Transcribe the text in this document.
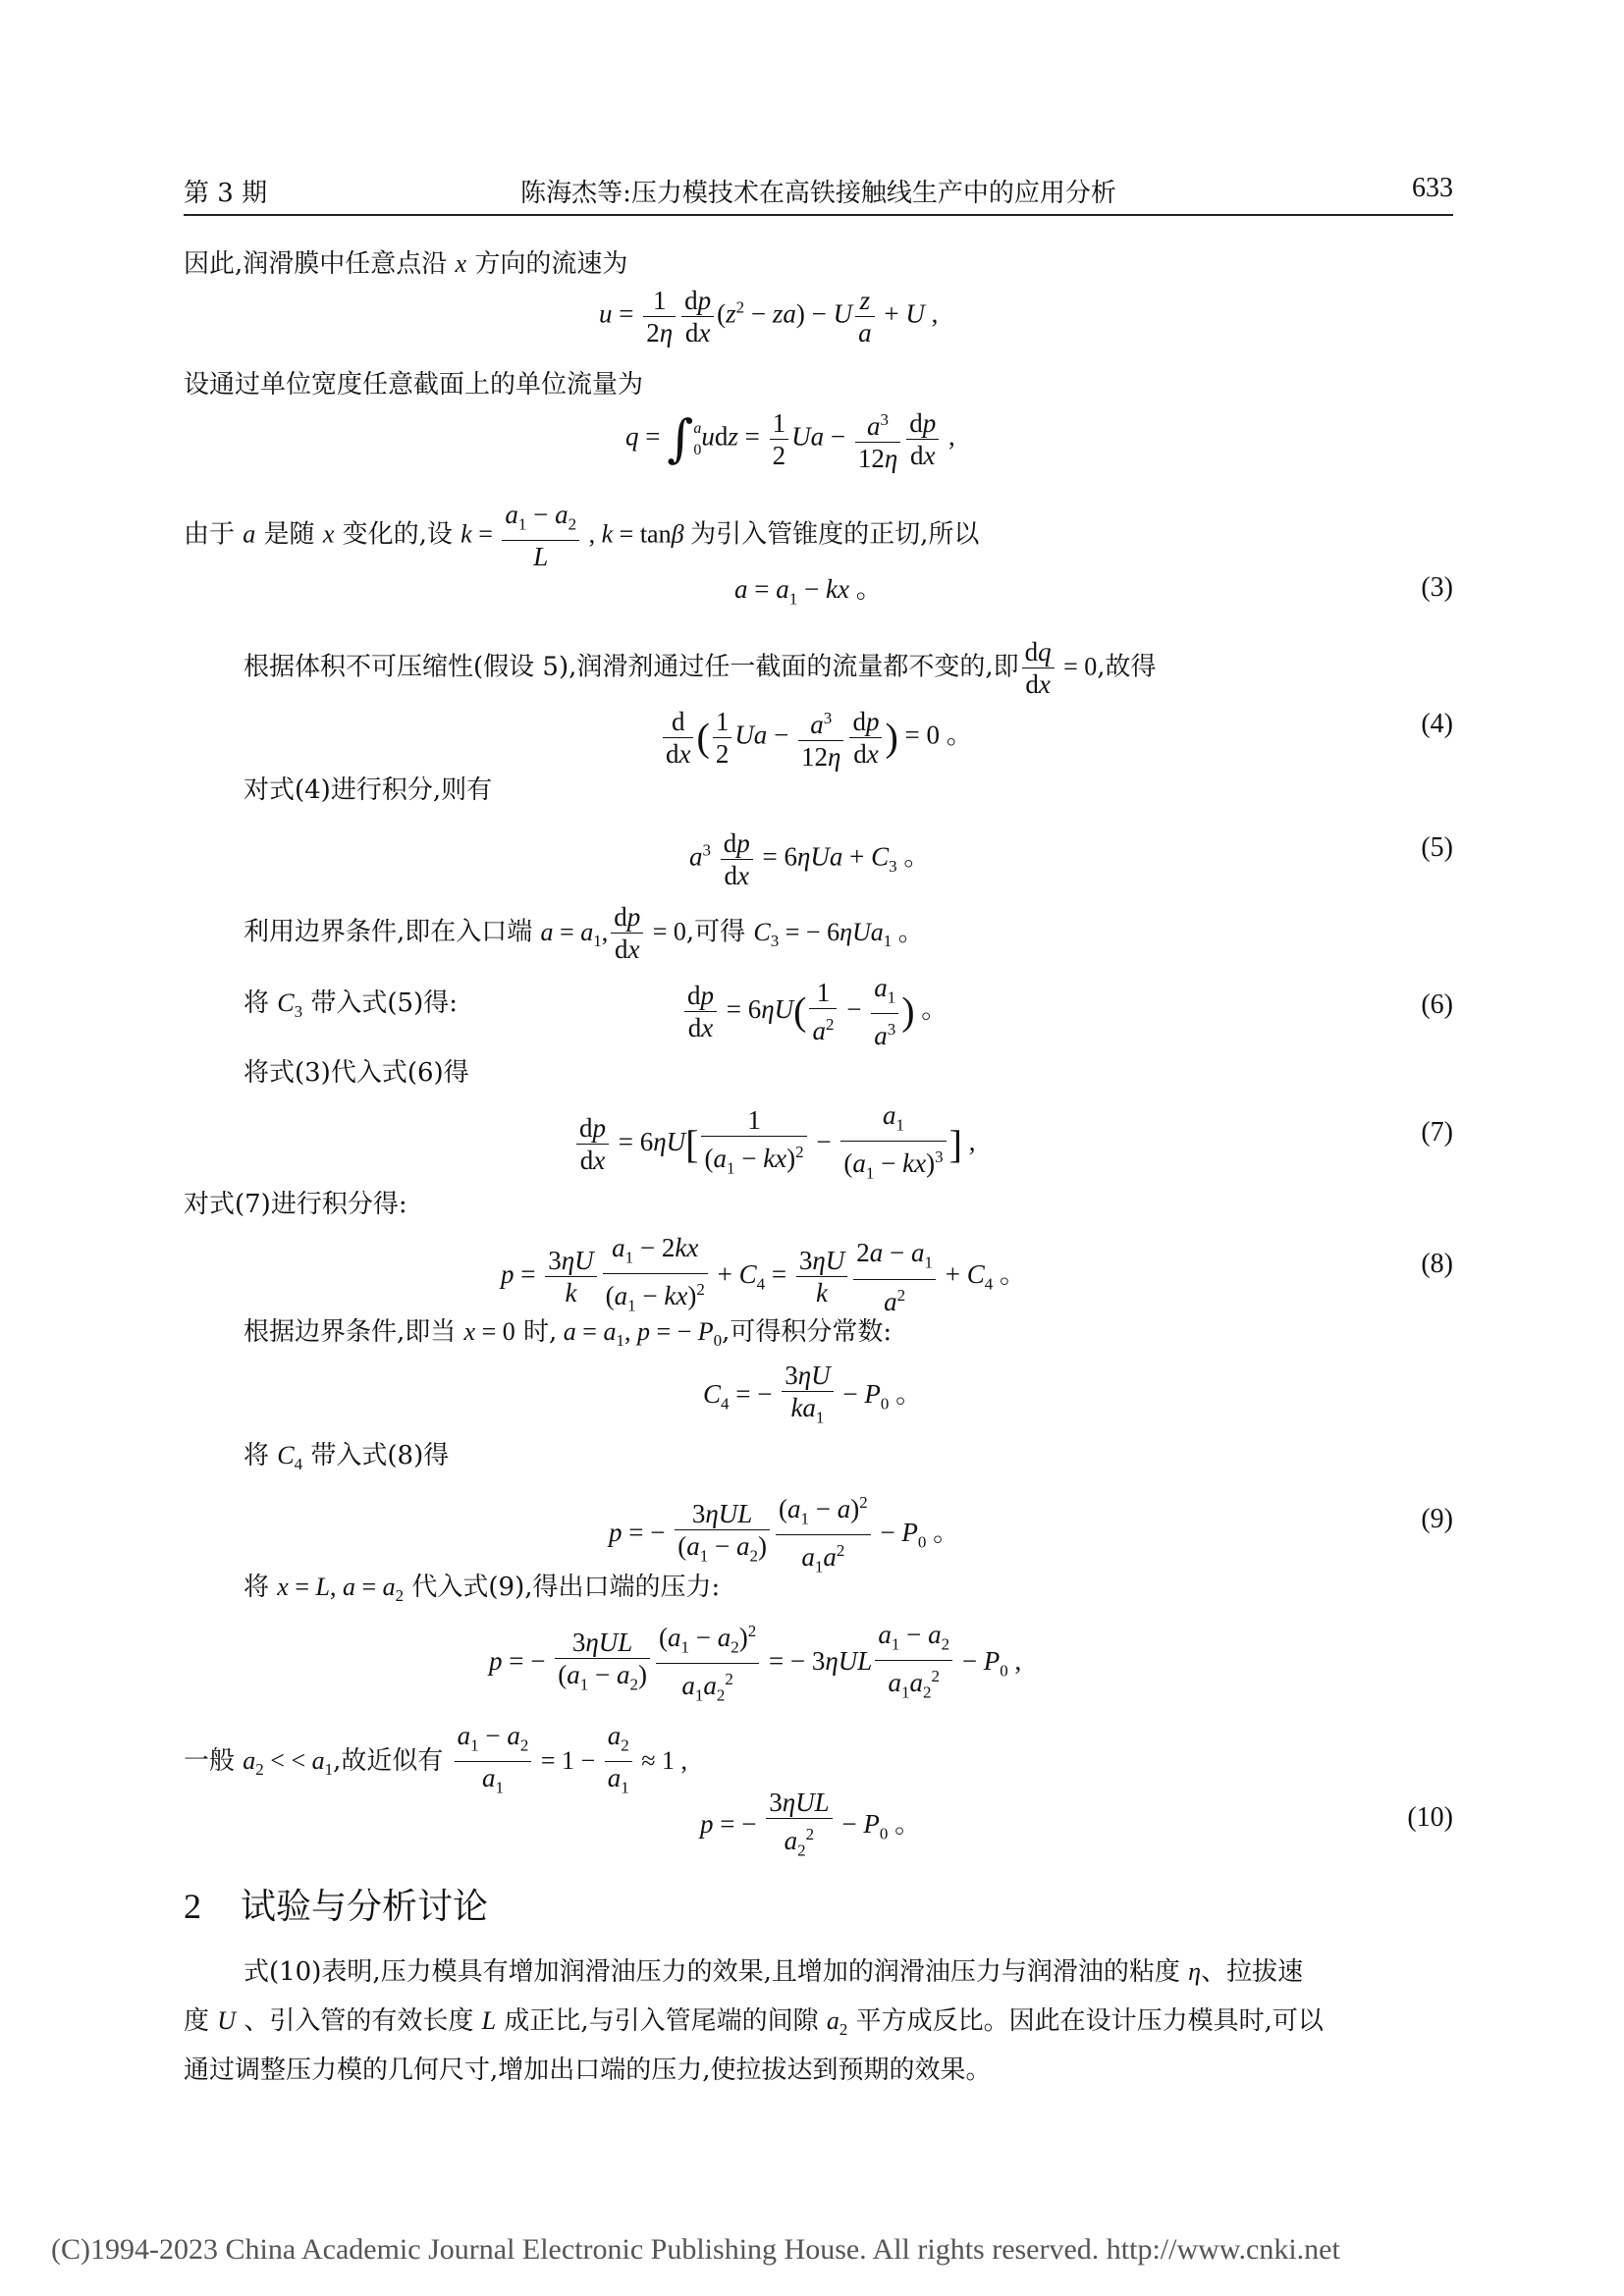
第 3 期	陈海杰等:压力模技术在高铁接触线生产中的应用分析	633
因此,润滑膜中任意点沿 x 方向的流速为
$u = \frac{1}{2\eta} \frac{dp}{dx} (z^2 - za) - U \frac{z}{a} + U$ ,
设通过单位宽度任意截面上的单位流量为
q = ∫a
$0udz = \frac{1}{2}$ $Ua - \frac{a^3}{12\eta} \frac{dp}{dx}$ ,
由于 a 是随 x 变化的,设 $k = \frac{a_1 - a_2}{L}$ , k = tanβ 为引入管锥度的正切,所以
$a = a_1$ − kx 。	(3)
根据体积不可压缩性(假设 5),润滑剂通过任一截面的流量都不变的,即 $\frac{dq}{dx} = 0$,故得
$\frac{d}{dx}$ ( $\frac{1}{2}$ $Ua - \frac{a^3}{12\eta} \frac{dp}{dx}$ ) = 0 。	(4)
对式(4)进行积分,则有
$a^3 \frac{dp}{dx} = 6\eta Ua + C_3$ 。	(5)
利用边界条件,即在入口端 $a = a_1$, $\frac{dp}{dx} = 0$,可得 $C_3$ = − 6ηUa$_1$ 。
将 $C_3$ 带入式(5)得:	$\frac{dp}{dx} = 6\eta U( \frac{1}{a^2} - \frac{a_1}{a^3}$ ) 。	(6)
将式(3)代入式(6)得
$\frac{dp}{dx} = 6\eta U[ \frac{1}{(a_1 - kx)^2} - \frac{a_1}{(a_1 - kx)^3}$ ] ,	(7)
对式(7)进行积分得:
$p = \frac{3\eta U}{k} \frac{a_1 - 2kx}{(a_1 - kx)^2} + C_4 = \frac{3\eta U}{k} \frac{2a - a_1}{a^2} + C_4$ 。	(8)
根据边界条件,即当 x = 0 时, $a = a_1$, p = − $P_0$,可得积分常数:
$C_4$ = − $\frac{3\eta U}{ka_1} - P_0$ 。
将 $C_4$ 带入式(8)得
p = − $\frac{\text{3ηUL}}{(a_1 - a_2)} \frac{(a_1 - a)^2}{a_1a^2} - P_0$ 。	(9)
将 x = L, $a = a_2$ 代入式(9),得出口端的压力:
p = − $\frac{\text{3ηUL}}{(a_1 - a_2)} \frac{(a_1 - a_2)^2}{a_1a_2^2}$ = − $3\eta UL \frac{a_1 - a_2}{a_1a_2^2} - P_0$ ,
一般 $a_2$ < < $a_1$,故近似有 $\frac{a_1 - a_2}{a_1} = 1 - \frac{a_2}{a_1} \approx 1$ ,
p = − $\frac{\text{3ηUL}}{a_2^2} - P_0$ 。	(10)
2 试验与分析讨论
式(10)表明,压力模具有增加润滑油压力的效果,且增加的润滑油压力与润滑油的粘度 η、拉拔速
度 U 、引入管的有效长度 L 成正比,与引入管尾端的间隙 $a_2$ 平方成反比。因此在设计压力模具时,可以
通过调整压力模的几何尺寸,增加出口端的压力,使拉拔达到预期的效果。
(C)1994-2023 China Academic Journal Electronic Publishing House. All rights reserved. http://www.cnki.net
